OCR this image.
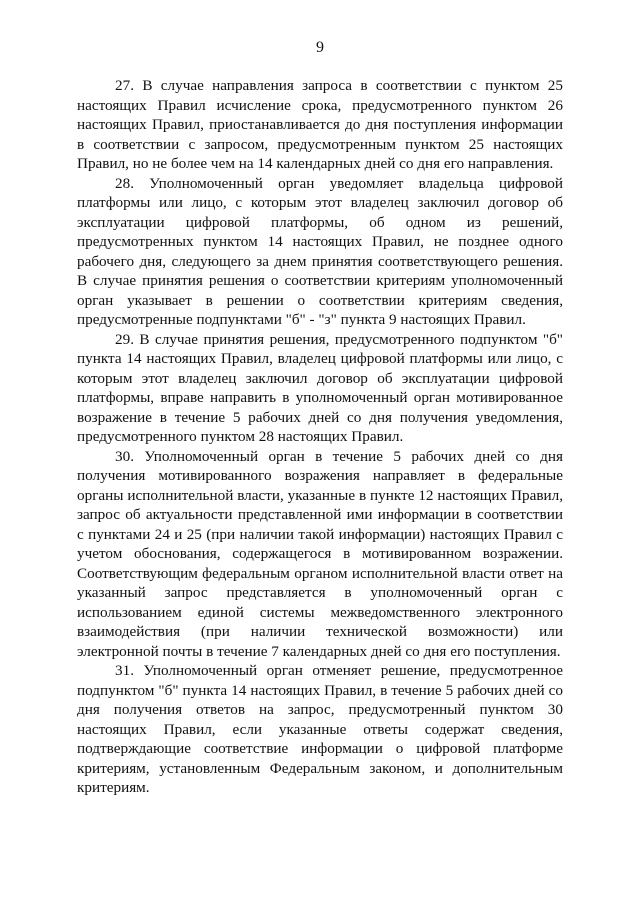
9

27. В случае направления запроса в соответствии с пунктом 25 настоящих Правил исчисление срока, предусмотренного пунктом 26 настоящих Правил, приостанавливается до дня поступления информации в соответствии с запросом, предусмотренным пунктом 25 настоящих Правил, но не более чем на 14 календарных дней со дня его направления.

28. Уполномоченный орган уведомляет владельца цифровой платформы или лицо, с которым этот владелец заключил договор об эксплуатации цифровой платформы, об одном из решений, предусмотренных пунктом 14 настоящих Правил, не позднее одного рабочего дня, следующего за днем принятия соответствующего решения. В случае принятия решения о соответствии критериям уполномоченный орган указывает в решении о соответствии критериям сведения, предусмотренные подпунктами "б" - "з" пункта 9 настоящих Правил.

29. В случае принятия решения, предусмотренного подпунктом "б" пункта 14 настоящих Правил, владелец цифровой платформы или лицо, с которым этот владелец заключил договор об эксплуатации цифровой платформы, вправе направить в уполномоченный орган мотивированное возражение в течение 5 рабочих дней со дня получения уведомления, предусмотренного пунктом 28 настоящих Правил.

30. Уполномоченный орган в течение 5 рабочих дней со дня получения мотивированного возражения направляет в федеральные органы исполнительной власти, указанные в пункте 12 настоящих Правил, запрос об актуальности представленной ими информации в соответствии с пунктами 24 и 25 (при наличии такой информации) настоящих Правил с учетом обоснования, содержащегося в мотивированном возражении. Соответствующим федеральным органом исполнительной власти ответ на указанный запрос представляется в уполномоченный орган с использованием единой системы межведомственного электронного взаимодействия (при наличии технической возможности) или электронной почты в течение 7 календарных дней со дня его поступления.

31. Уполномоченный орган отменяет решение, предусмотренное подпунктом "б" пункта 14 настоящих Правил, в течение 5 рабочих дней со дня получения ответов на запрос, предусмотренный пунктом 30 настоящих Правил, если указанные ответы содержат сведения, подтверждающие соответствие информации о цифровой платформе критериям, установленным Федеральным законом, и дополнительным критериям.
